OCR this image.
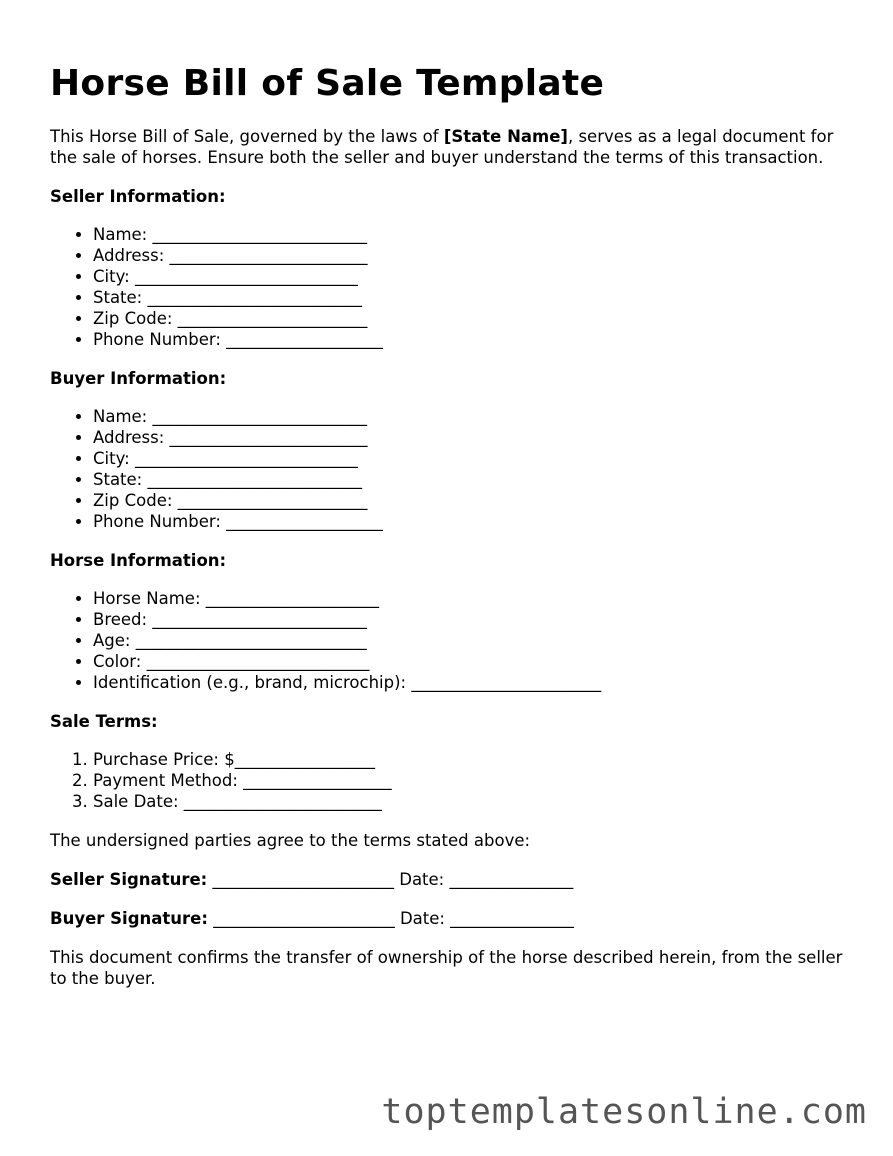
Horse Bill of Sale Template

This Horse Bill of Sale, governed by the laws of [State Name], serves as a legal document for the sale of horses. Ensure both the seller and buyer understand the terms of this transaction.

Seller Information:
• Name: __________________________
• Address: ________________________
• City: ___________________________
• State: __________________________
• Zip Code: _______________________
• Phone Number: ___________________
Buyer Information:
• Name: __________________________
• Address: ________________________
• City: ___________________________
• State: __________________________
• Zip Code: _______________________
• Phone Number: ___________________
Horse Information:
• Horse Name: _____________________
• Breed: __________________________
• Age: ____________________________
• Color: ___________________________
• Identification (e.g., brand, microchip): _______________________
Sale Terms:
1. Purchase Price: $_________________
2. Payment Method: __________________
3. Sale Date: ________________________

The undersigned parties agree to the terms stated above:

Seller Signature: ______________________ Date: _______________

Buyer Signature: ______________________ Date: _______________

This document confirms the transfer of ownership of the horse described herein, from the seller to the buyer.

toptemplatesonline.com
